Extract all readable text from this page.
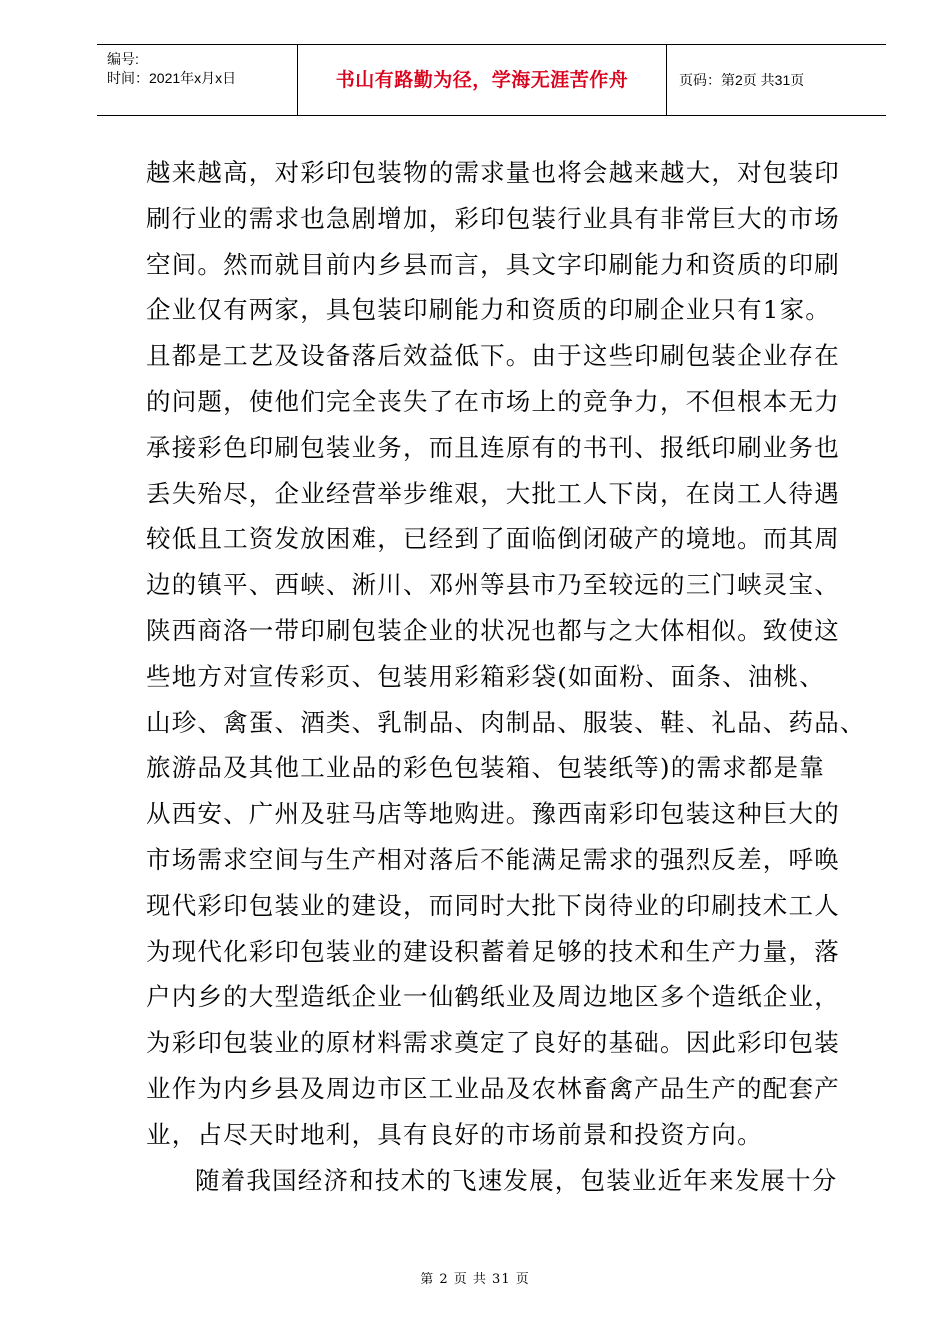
编号:
时间：2021年x月x日	书山有路勤为径，学海无涯苦作舟	页码：第2页 共31页
越来越高，对彩印包装物的需求量也将会越来越大，对包装印
刷行业的需求也急剧增加，彩印包装行业具有非常巨大的市场
空间。然而就目前内乡县而言，具文字印刷能力和资质的印刷
企业仅有两家，具包装印刷能力和资质的印刷企业只有1家。
且都是工艺及设备落后效益低下。由于这些印刷包装企业存在
的问题，使他们完全丧失了在市场上的竞争力，不但根本无力
承接彩色印刷包装业务，而且连原有的书刊、报纸印刷业务也
丢失殆尽，企业经营举步维艰，大批工人下岗，在岗工人待遇
较低且工资发放困难，已经到了面临倒闭破产的境地。而其周
边的镇平、西峡、淅川、邓州等县市乃至较远的三门峡灵宝、
陕西商洛一带印刷包装企业的状况也都与之大体相似。致使这
些地方对宣传彩页、包装用彩箱彩袋(如面粉、面条、油桃、
山珍、禽蛋、酒类、乳制品、肉制品、服装、鞋、礼品、药品、
旅游品及其他工业品的彩色包装箱、包装纸等)的需求都是靠
从西安、广州及驻马店等地购进。豫西南彩印包装这种巨大的
市场需求空间与生产相对落后不能满足需求的强烈反差，呼唤
现代彩印包装业的建设，而同时大批下岗待业的印刷技术工人
为现代化彩印包装业的建设积蓄着足够的技术和生产力量，落
户内乡的大型造纸企业一仙鹤纸业及周边地区多个造纸企业，
为彩印包装业的原材料需求奠定了良好的基础。因此彩印包装
业作为内乡县及周边市区工业品及农林畜禽产品生产的配套产
业，占尽天时地利，具有良好的市场前景和投资方向。
随着我国经济和技术的飞速发展，包装业近年来发展十分
第 2 页 共 31 页
